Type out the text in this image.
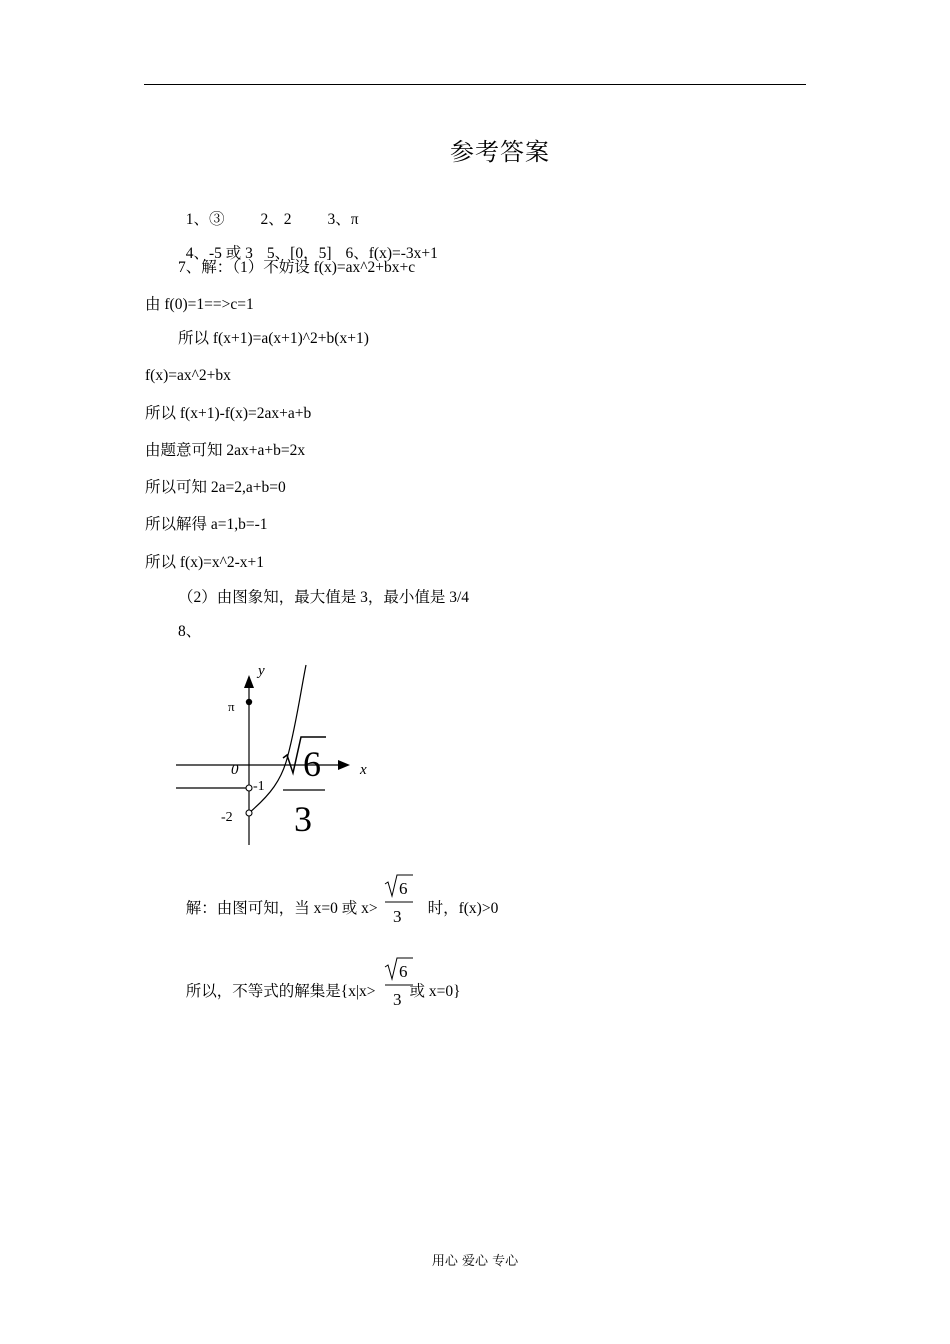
参考答案

1、③ 2、2 3、π

4、-5 或 3 5、[0，5] 6、f(x)=-3x+1

7、解：（1）不妨设 f(x)=ax^2+bx+c
由 f(0)=1==>c=1
所以 f(x+1)=a(x+1)^2+b(x+1)
f(x)=ax^2+bx
所以 f(x+1)-f(x)=2ax+a+b
由题意可知 2ax+a+b=2x
所以可知 2a=2,a+b=0
所以解得 a=1,b=-1
所以 f(x)=x^2-x+1
（2）由图象知，最大值是 3，最小值是 3/4
8、
y
x
π
0
-1
-2
6
3

解：由图可知，当 x=0 或 x>	时，f(x)>0

6
3

所以，不等式的解集是{x|x> 或 x=0}

6
3
用心 爱心 专心
